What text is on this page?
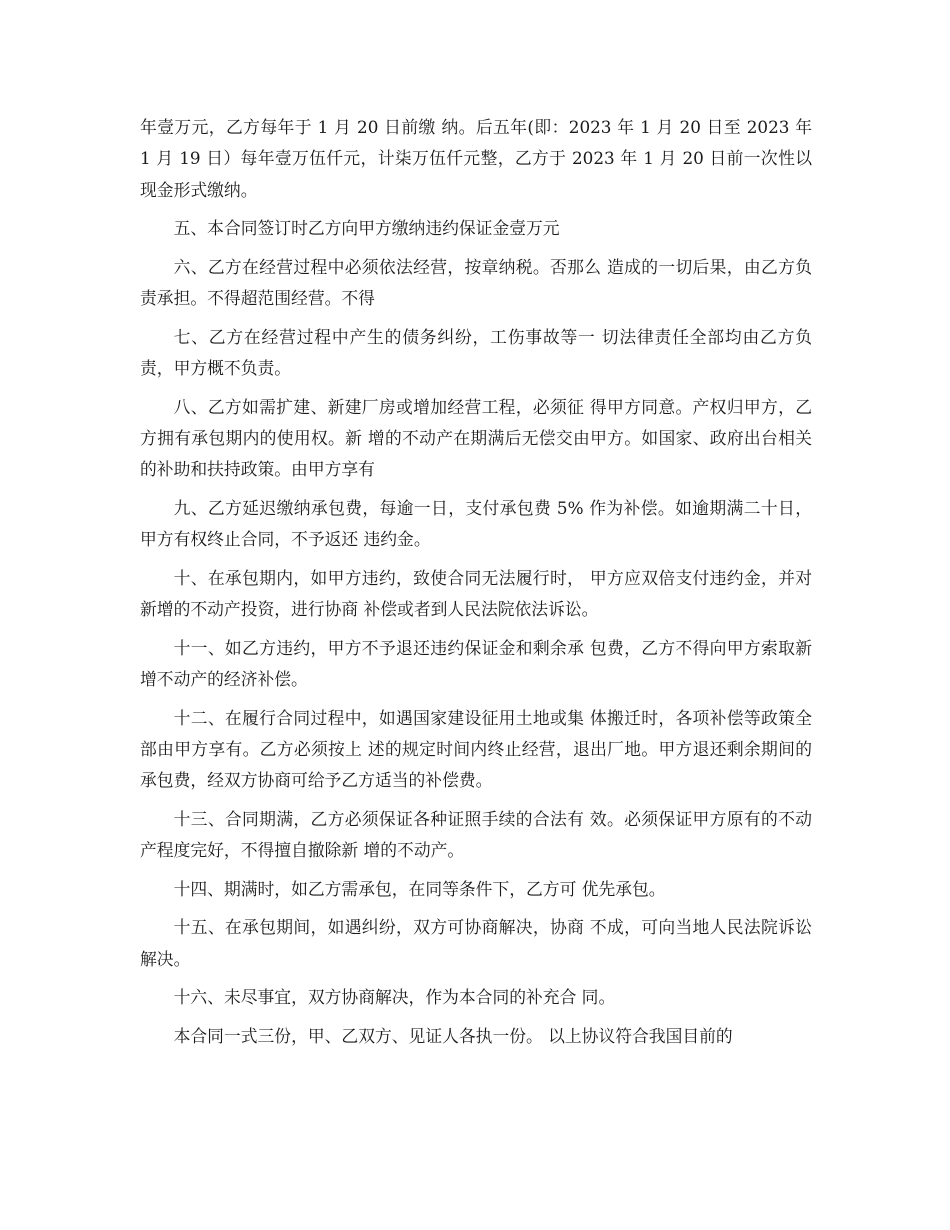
年壹万元，乙方每年于 1 月 20 日前缴 纳。后五年(即：2023 年 1 月 20 日至 2023 年 1 月 19 日）每年壹万伍仟元，计柒万伍仟元整，乙方于 2023 年 1 月 20 日前一次性以现金形式缴纳。

五、本合同签订时乙方向甲方缴纳违约保证金壹万元

六、乙方在经营过程中必须依法经营，按章纳税。否那么 造成的一切后果，由乙方负责承担。不得超范围经营。不得

七、乙方在经营过程中产生的债务纠纷，工伤事故等一 切法律责任全部均由乙方负责，甲方概不负责。

八、乙方如需扩建、新建厂房或增加经营工程，必须征 得甲方同意。产权归甲方，乙方拥有承包期内的使用权。新 增的不动产在期满后无偿交由甲方。如国家、政府出台相关 的补助和扶持政策。由甲方享有

九、乙方延迟缴纳承包费，每逾一日，支付承包费 5% 作为补偿。如逾期满二十日，甲方有权终止合同，不予返还 违约金。

十、在承包期内，如甲方违约，致使合同无法履行时， 甲方应双倍支付违约金，并对新增的不动产投资，进行协商 补偿或者到人民法院依法诉讼。

十一、如乙方违约，甲方不予退还违约保证金和剩余承 包费，乙方不得向甲方索取新增不动产的经济补偿。

十二、在履行合同过程中，如遇国家建设征用土地或集 体搬迁时，各项补偿等政策全部由甲方享有。乙方必须按上 述的规定时间内终止经营，退出厂地。甲方退还剩余期间的 承包费，经双方协商可给予乙方适当的补偿费。

十三、合同期满，乙方必须保证各种证照手续的合法有 效。必须保证甲方原有的不动产程度完好，不得擅自撤除新 增的不动产。

十四、期满时，如乙方需承包，在同等条件下，乙方可 优先承包。

十五、在承包期间，如遇纠纷，双方可协商解决，协商 不成，可向当地人民法院诉讼解决。

十六、未尽事宜，双方协商解决，作为本合同的补充合 同。

本合同一式三份，甲、乙双方、见证人各执一份。 以上协议符合我国目前的
